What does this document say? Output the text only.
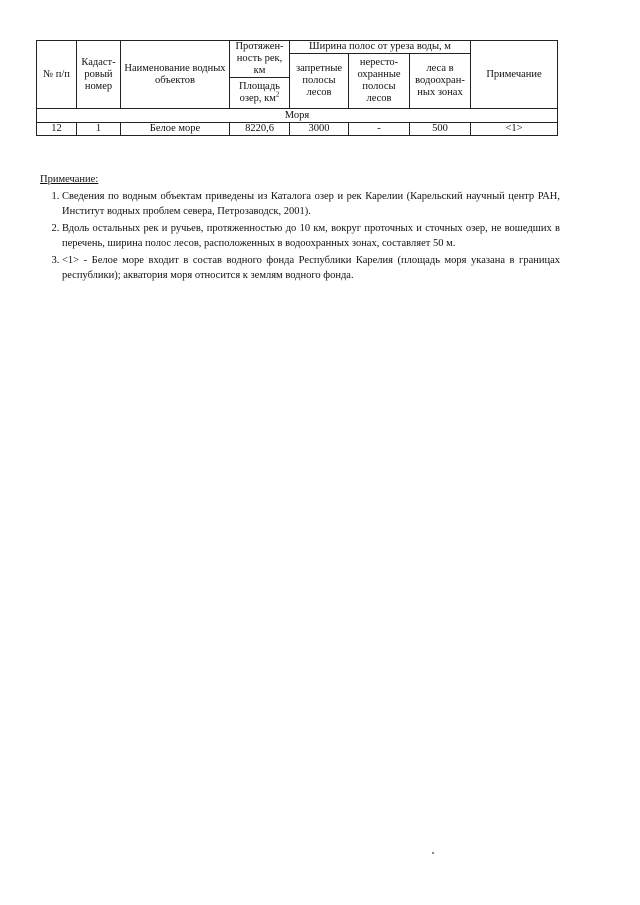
№ п/п	Кадаст- ровый номер	Наименование водных объектов	Протяжен- ность рек, км	Ширина полос от уреза воды, м			Примечание
				запретные полосы лесов	нересто- охранные полосы лесов	леса в водоохран- ных зонах	
			Площадь озер, $км^2$
Моря							
12	1	Белое море	8220,6	3000	-	500	<1>

Примечание:

1. Сведения по водным объектам приведены из Каталога озер и рек Карелии (Карельский научный центр РАН, Институт водных проблем севера, Петрозаводск, 2001).
2. Вдоль остальных рек и ручьев, протяженностью до 10 км, вокруг проточных и сточных озер, не вошедших в перечень, ширина полос лесов, расположенных в водоохранных зонах, составляет 50 м.
3. <1> - Белое море входит в состав водного фонда Республики Карелия (площадь моря указана в границах республики); акватория моря относится к землям водного фонда.
